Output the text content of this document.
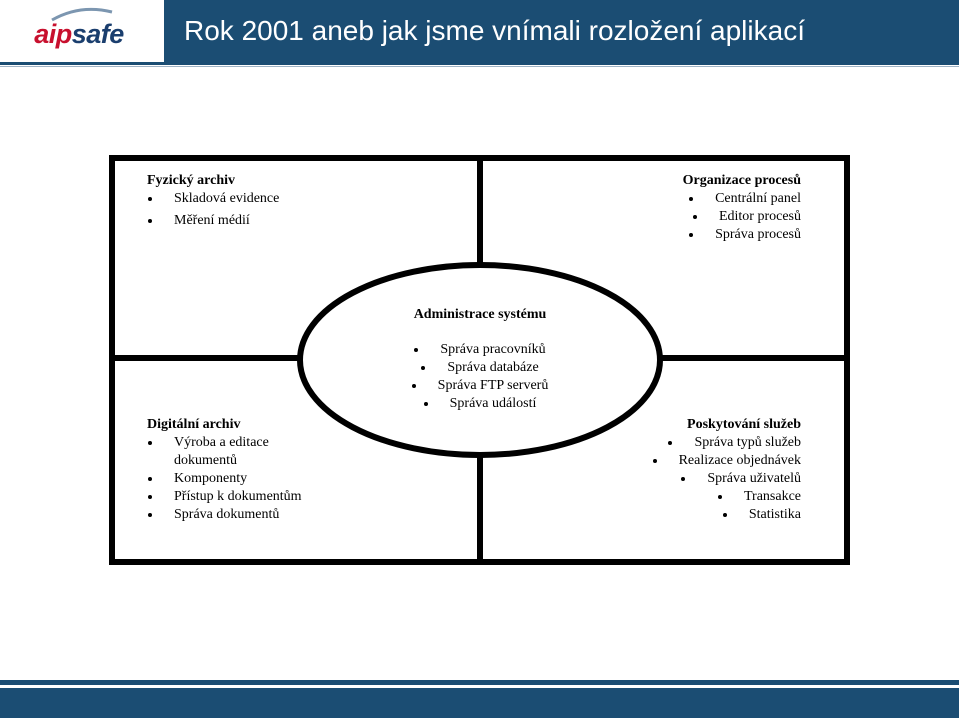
aipsafe Rok 2001 aneb jak jsme vnímali rozložení aplikací
Fyzický archiv
Skladová evidence
Měření médií
Organizace procesů
Centrální panel
Editor procesů
Správa procesů
Administrace systému
Správa pracovníků
Správa databáze
Správa FTP serverů
Správa událostí
Digitální archiv
Výroba a editace dokumentů
Komponenty
Přístup k dokumentům
Správa dokumentů
Poskytování služeb
Správa typů služeb
Realizace objednávek
Správa uživatelů
Transakce
Statistika
